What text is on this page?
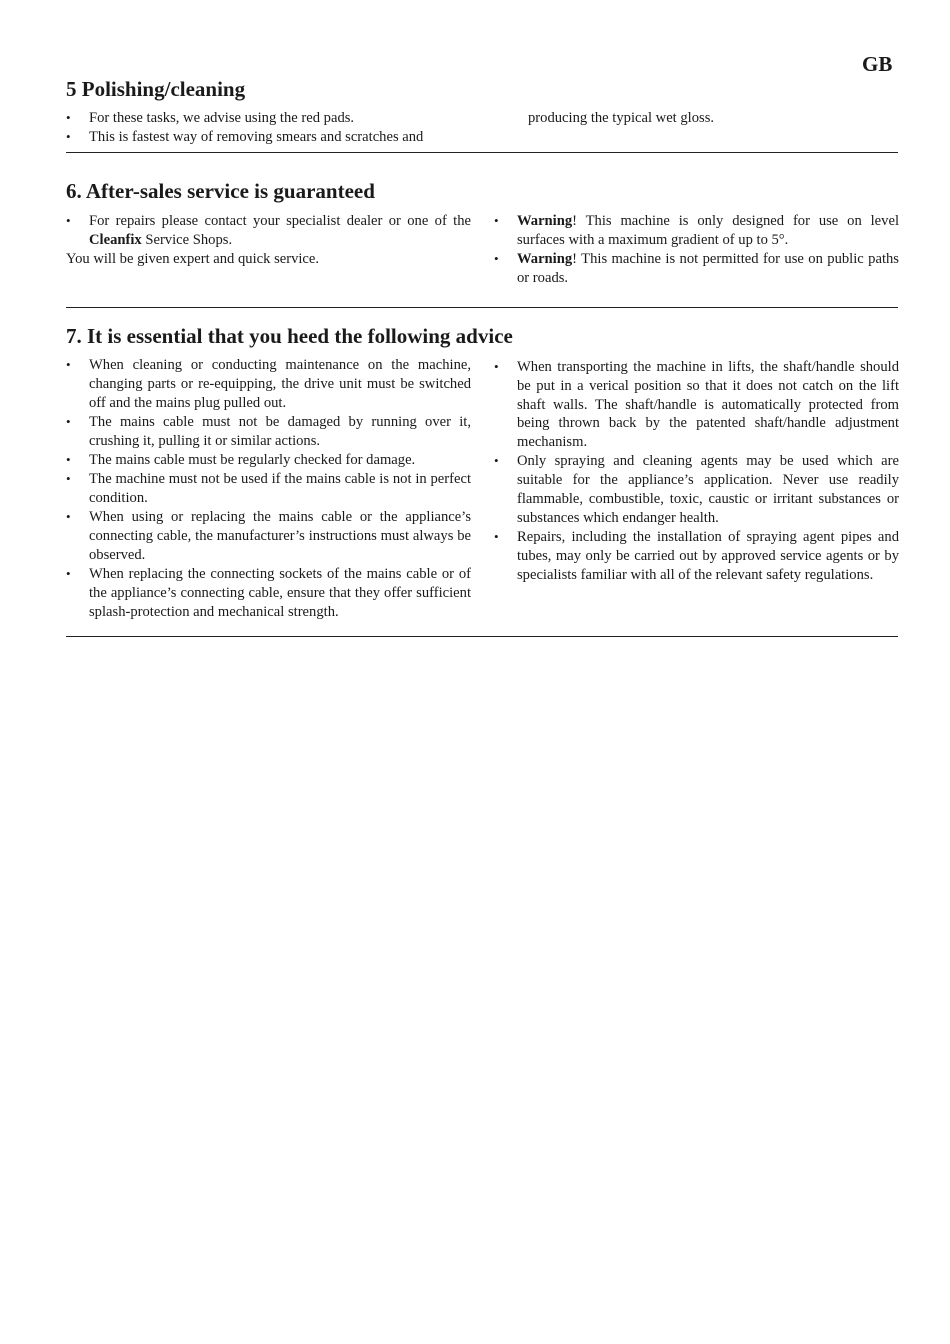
GB
5 Polishing/cleaning
• For these tasks, we advise using the red pads.
• This is fastest way of removing smears and scratches and

producing the typical wet gloss.

6. After-sales service is guaranteed
• For repairs please contact your specialist dealer or one of the Cleanfix Service Shops.

You will be given expert and quick service.

• Warning! This machine is only designed for use on level surfaces with a maximum gradient of up to 5°.
• Warning! This machine is not permitted for use on public paths or roads.
7. It is essential that you heed the following advice
• When cleaning or conducting maintenance on the machine, changing parts or re-equipping, the drive unit must be switched off and the mains plug pulled out.
• The mains cable must not be damaged by running over it, crushing it, pulling it or similar actions.
• The mains cable must be regularly checked for damage.
• The machine must not be used if the mains cable is not in perfect condition.
• When using or replacing the mains cable or the appliance’s connecting cable, the manufacturer’s instructions must always be observed.
• When replacing the connecting sockets of the mains cable or of the appliance’s connecting cable, ensure that they offer sufficient splash-protection and mechanical strength.
• When transporting the machine in lifts, the shaft/handle should be put in a verical position so that it does not catch on the lift shaft walls. The shaft/handle is automatically protected from being thrown back by the patented shaft/handle adjustment mechanism.
• Only spraying and cleaning agents may be used which are suitable for the appliance’s application. Never use readily flammable, combustible, toxic, caustic or irritant substances or substances which endanger health.
• Repairs, including the installation of spraying agent pipes and tubes, may only be carried out by approved service agents or by specialists familiar with all of the relevant safety regulations.
